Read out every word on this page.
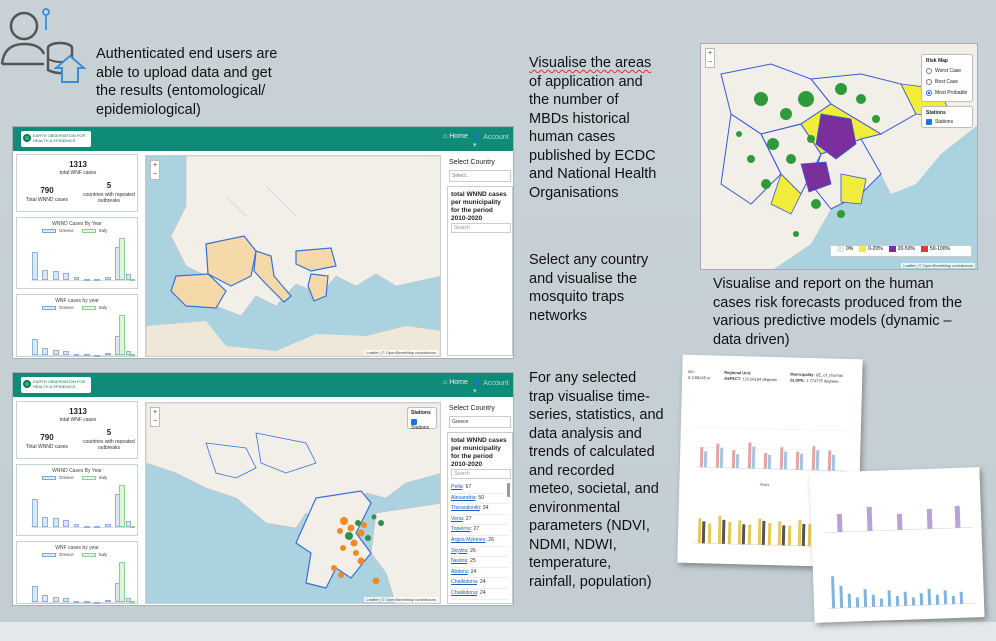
Authenticated end users are
able to upload data and get
the results (entomological/
epidemiological)
Visualise the areas
of application and
the number of
MBDs historical
human cases
published by ECDC
and National Health
Organisations
Select any country
and visualise the
mosquito traps
networks
For any selected
trap visualise time-
series, statistics, and
data analysis and
trends of calculated
and recorded
meteo, societal, and
environmental
parameters (NDVI,
NDMI, NDWI,
temperature,
rainfall, population)
Visualise and report on the human
cases risk forecasts produced from the
various predictive models (dynamic –
data driven)
EARTH OBSERVATION FOR HEALTH & EPIDEMICS
⌂ Home 👤 Account ▾
1313
total WNF cases
790
Total WNND cases
5
countries with repeated outbreaks
WNND Cases By Year
Greece	Italy
WNF cases by year
Greece	Italy
+
−
Leaflet | © OpenStreetMap contributors
Select Country
Select...
total WNND cases per municipality for the period 2010-2020
Search
EARTH OBSERVATION FOR HEALTH & EPIDEMICS
⌂ Home 👤 Account ▾
1313
total WNF cases
790
Total WNND cases
5
countries with repeated outbreaks
WNND Cases By Year
Greece	Italy
WNF cases by year
Greece	Italy
+
−
Stations
Stations
Leaflet | © OpenStreetMap contributors
Select Country
Greece
total WNND cases per municipality for the period 2010-2020
Search
Pella: 67
Alexandria: 50
Thessaloniki: 34
Veria: 27
Topeiros: 27
Argos-Mykines: 26
Skydra: 26
Nestos: 25
Abdera: 24
Chalkidona: 24
Chalkidona: 24
+
−	Risk Map
Worst Case
Best Case
Most Probable
Stations
Stations
0%	0-20%	20-50%	50-100%
Leaflet | © OpenStreetMap contributors
lon:
6.3.68345 m
Regional Unit:
ASPECT: 123.06184 degrees
Municipality: ΔΕ_of_chamas
SLOPE: 1.774775 degrees
Years
